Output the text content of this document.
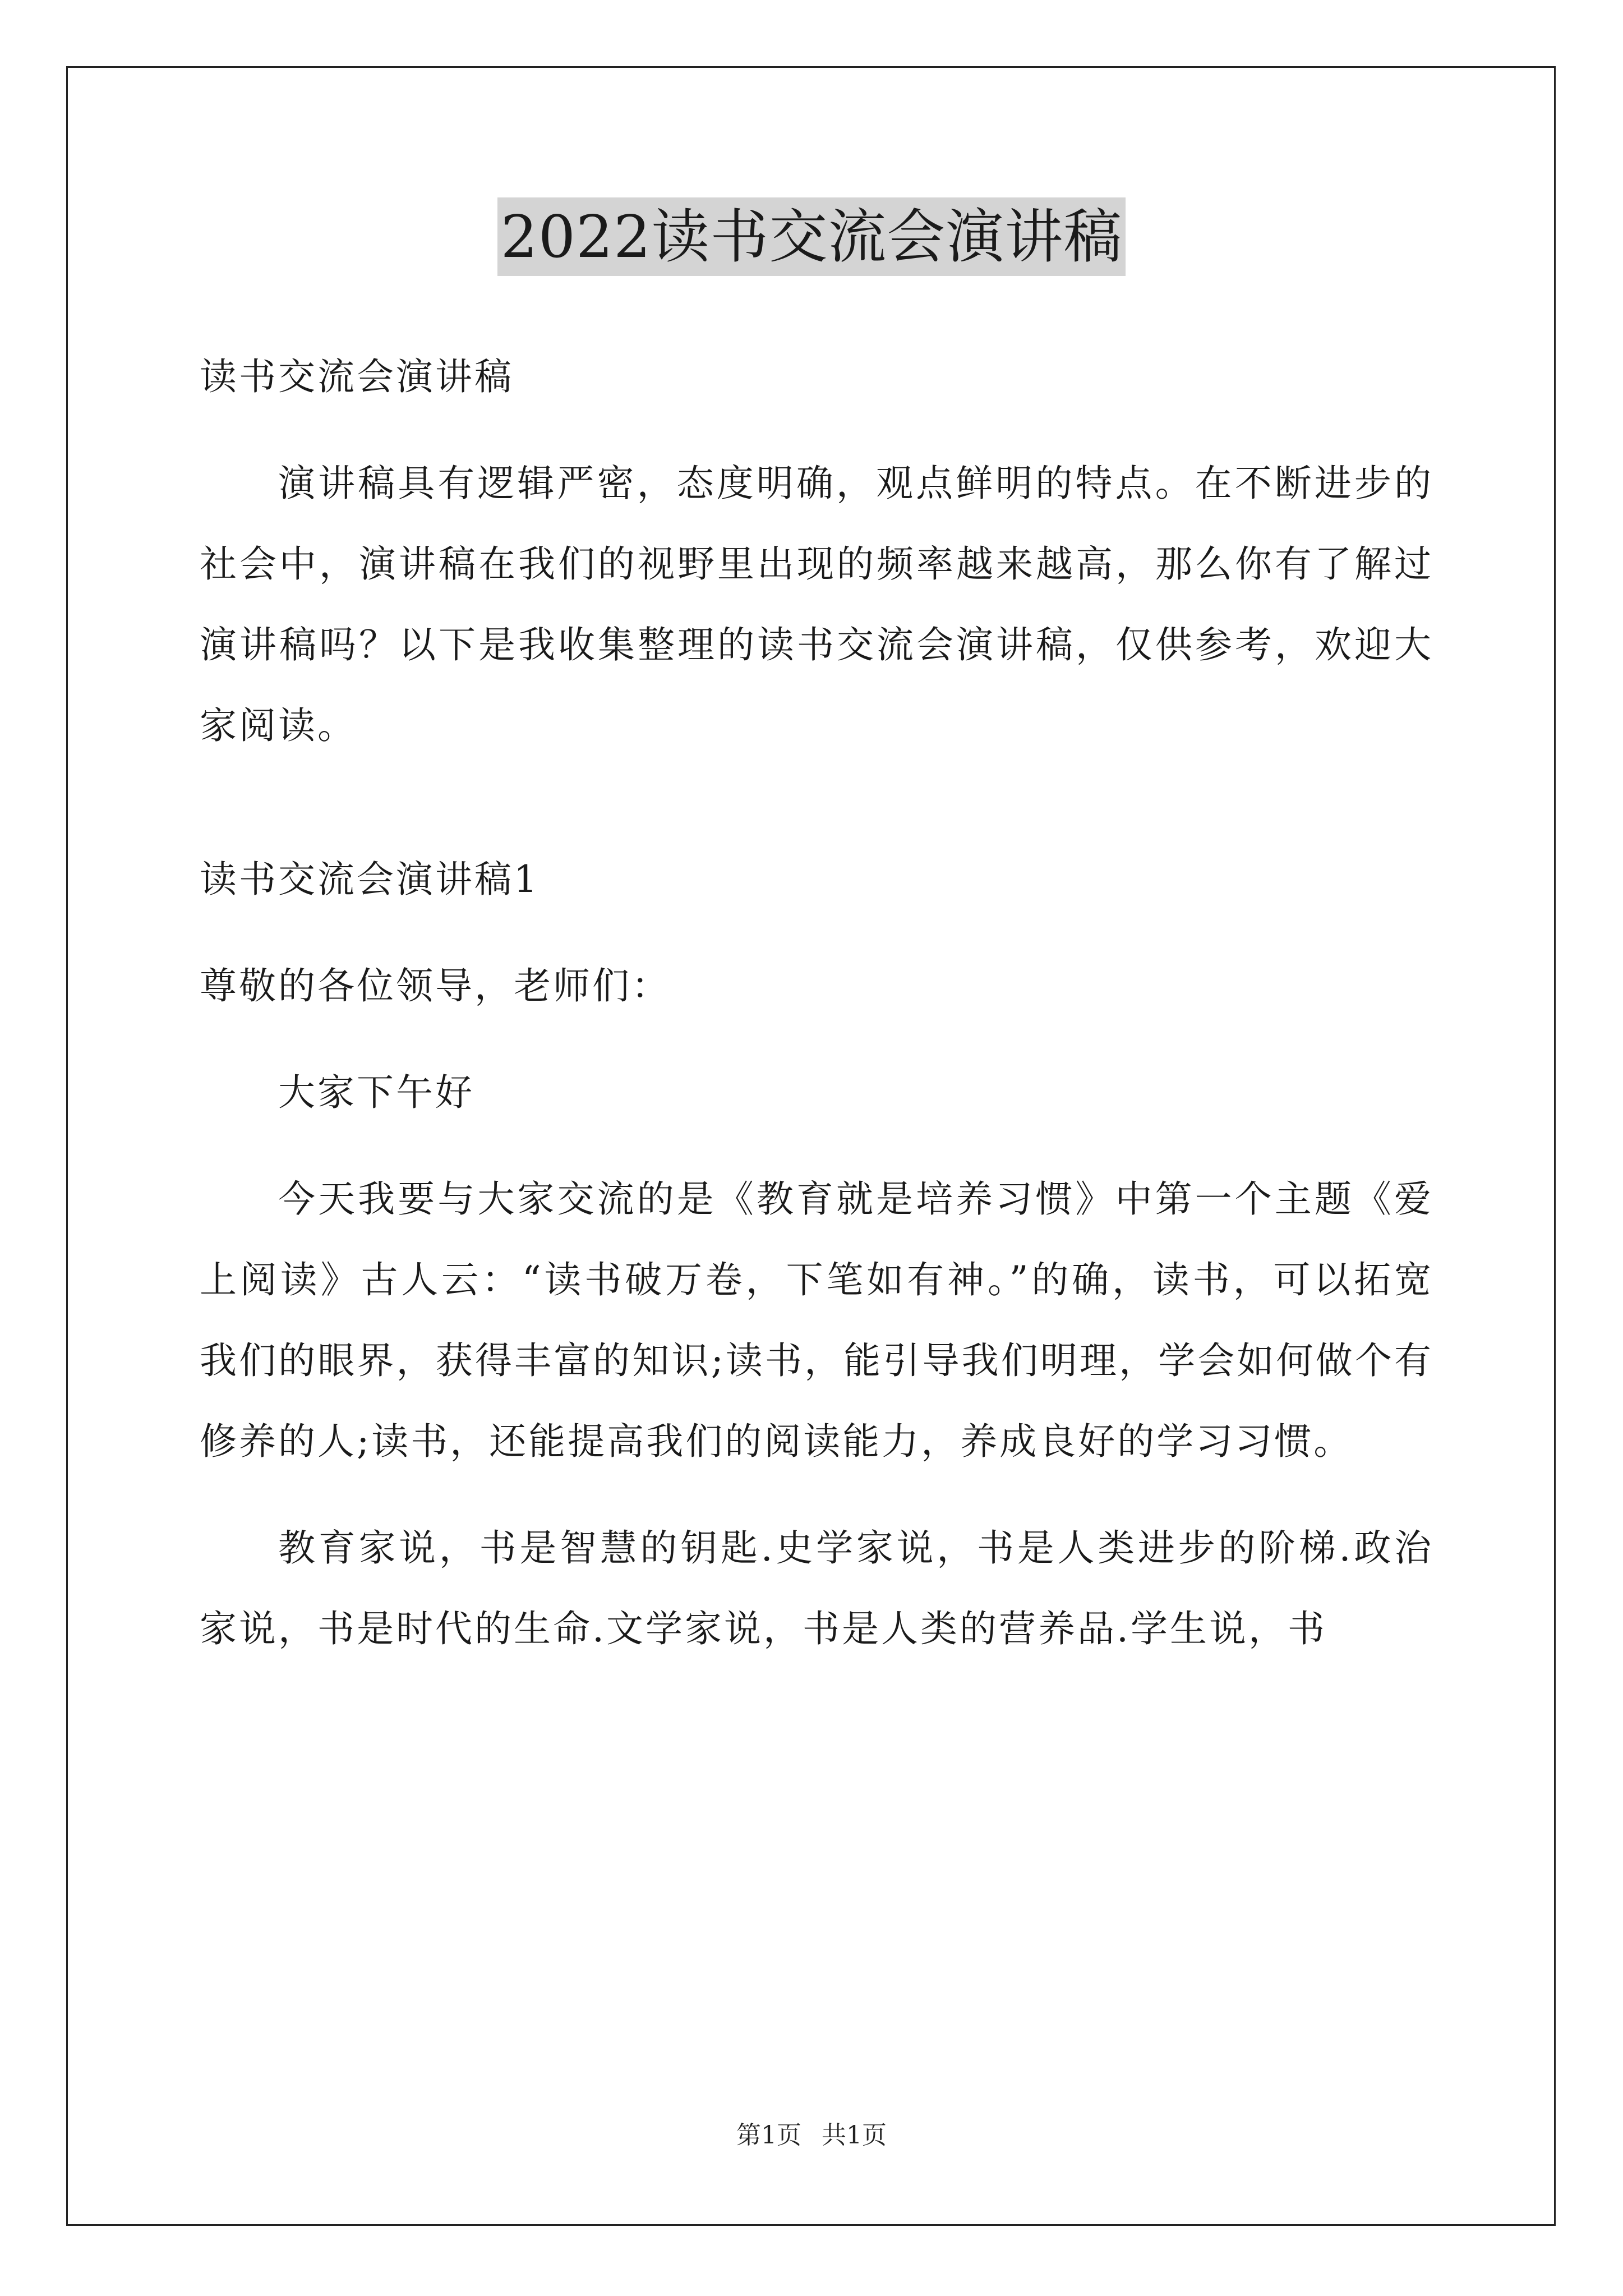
2022读书交流会演讲稿

读书交流会演讲稿

演讲稿具有逻辑严密，态度明确，观点鲜明的特点。在不断进步的社会中，演讲稿在我们的视野里出现的频率越来越高，那么你有了解过演讲稿吗？以下是我收集整理的读书交流会演讲稿，仅供参考，欢迎大家阅读。

读书交流会演讲稿1

尊敬的各位领导，老师们：

大家下午好

今天我要与大家交流的是《教育就是培养习惯》中第一个主题《爱上阅读》古人云：“读书破万卷，下笔如有神。”的确，读书，可以拓宽我们的眼界，获得丰富的知识;读书，能引导我们明理，学会如何做个有修养的人;读书，还能提高我们的阅读能力，养成良好的学习习惯。

教育家说，书是智慧的钥匙.史学家说，书是人类进步的阶梯.政治家说，书是时代的生命.文学家说，书是人类的营养品.学生说，书

第1页 共1页
